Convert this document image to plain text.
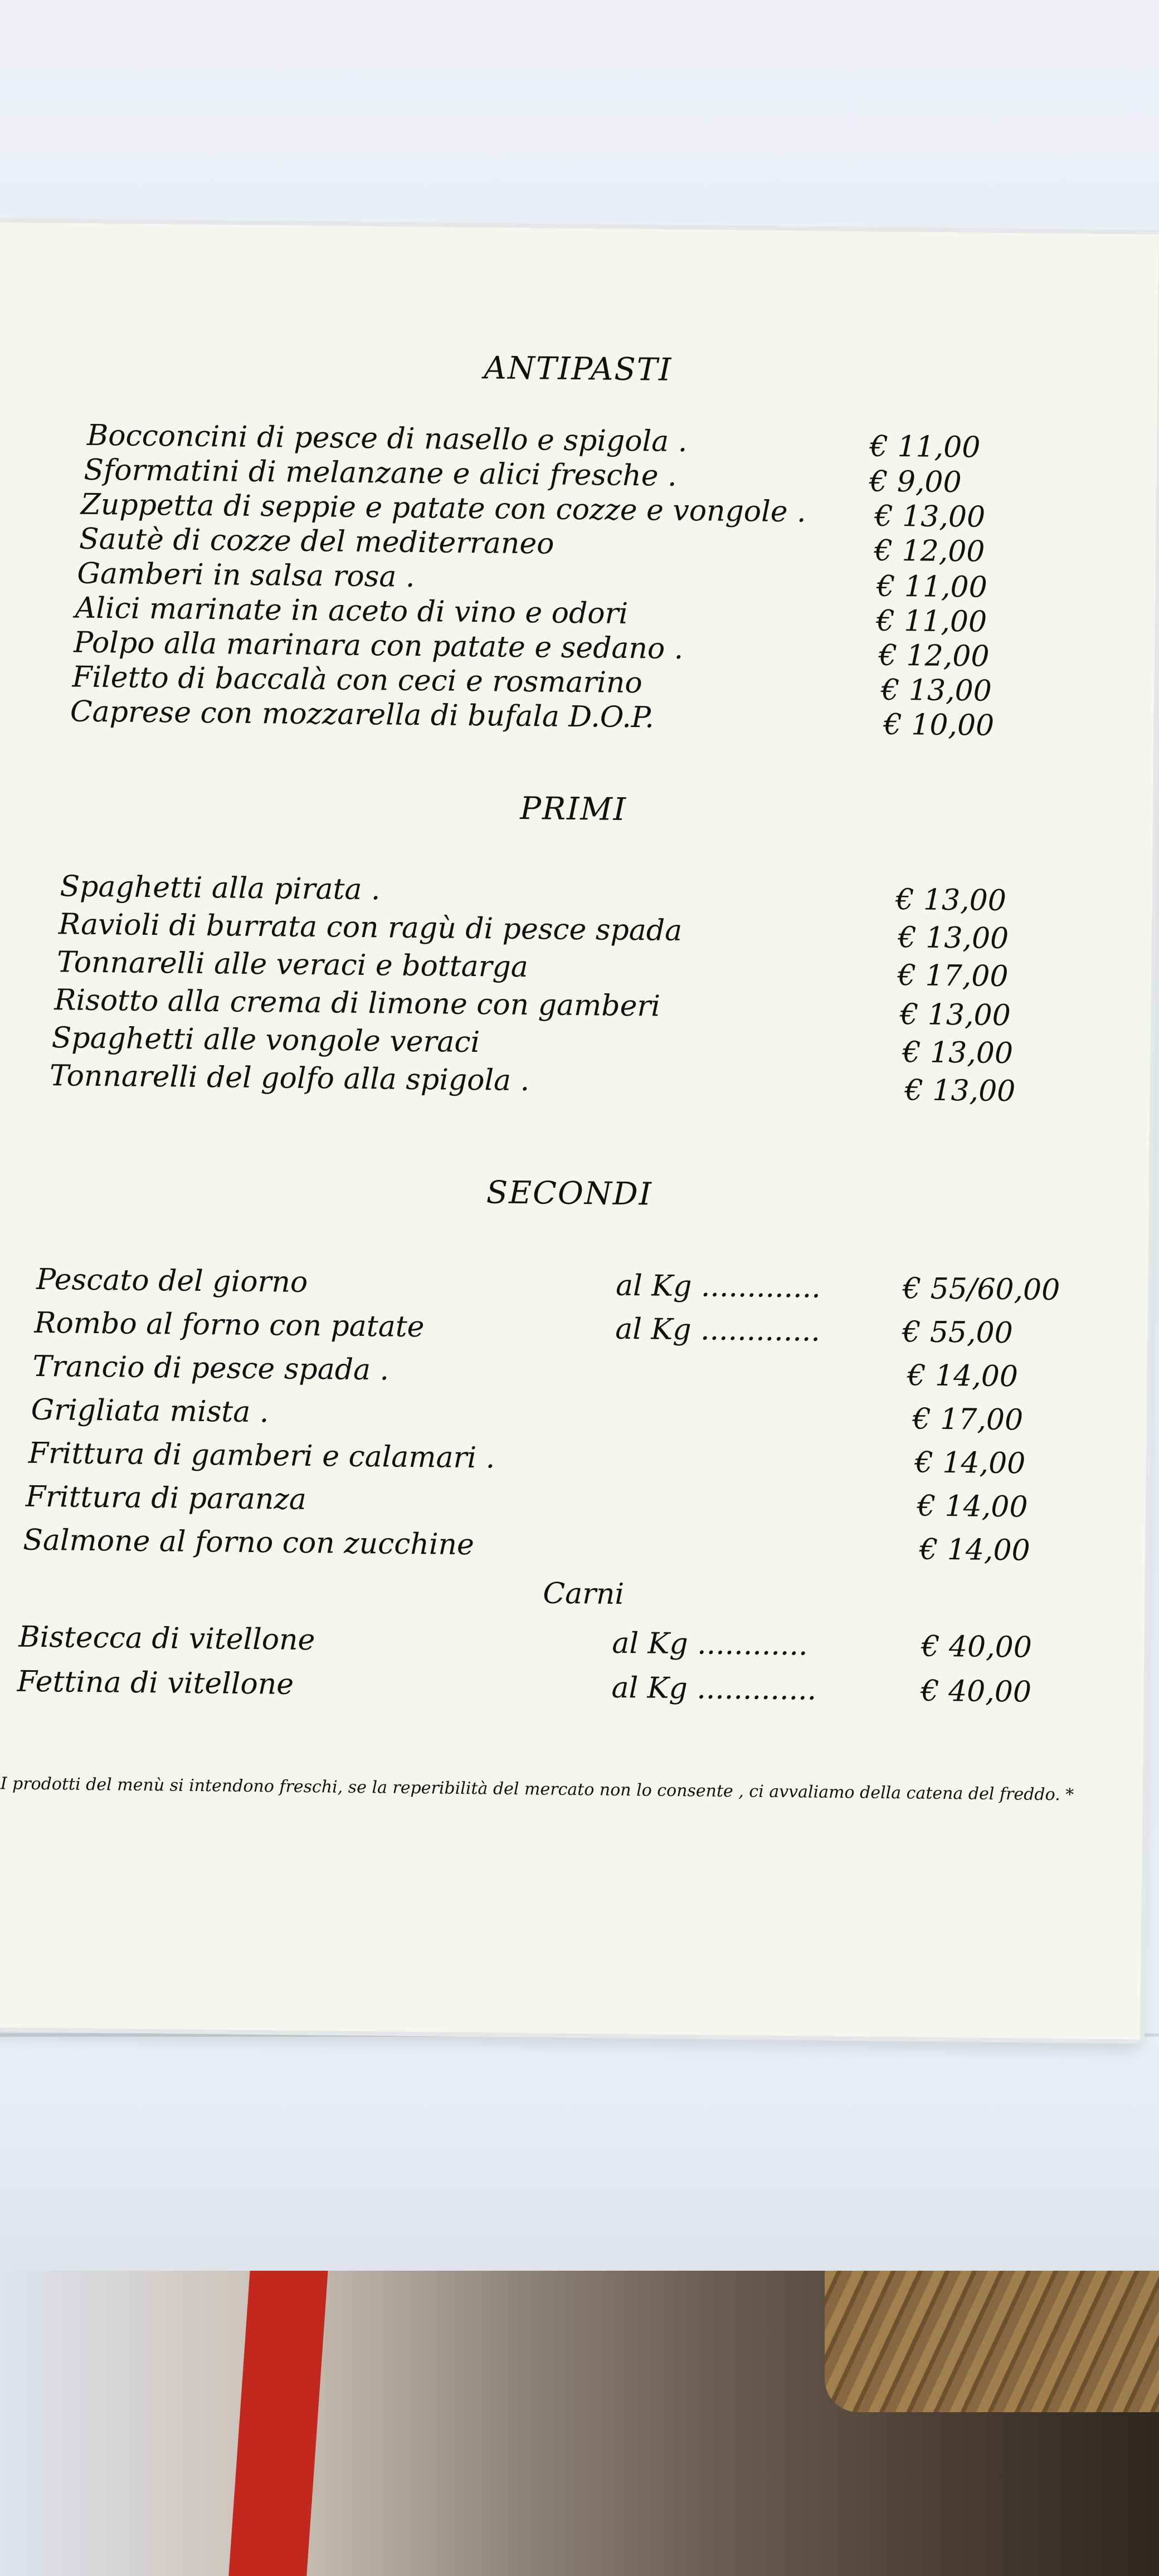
ANTIPASTI
Bocconcini di pesce di nasello e spigola .	€ 11,00
Sformatini di melanzane e alici fresche .	€ 9,00
Zuppetta di seppie e patate con cozze e vongole . € 13,00
Sautè di cozze del mediterraneo	€ 12,00
Gamberi in salsa rosa .	€ 11,00
Alici marinate in aceto di vino e odori	€ 11,00
Polpo alla marinara con patate e sedano .	€ 12,00
Filetto di baccalà con ceci e rosmarino	€ 13,00
Caprese con mozzarella di bufala D.O.P.	€ 10,00
PRIMI
Spaghetti alla pirata .	€ 13,00
Ravioli di burrata con ragù di pesce spada	€ 13,00
Tonnarelli alle veraci e bottarga	€ 17,00
Risotto alla crema di limone con gamberi	€ 13,00
Spaghetti alle vongole veraci	€ 13,00
Tonnarelli del golfo alla spigola .	€ 13,00
SECONDI
Pescato del giorno	al Kg .............	€ 55/60,00
Rombo al forno con patate	al Kg .............	€ 55,00
Trancio di pesce spada .	€ 14,00
Grigliata mista .	€ 17,00
Frittura di gamberi e calamari .	€ 14,00
Frittura di paranza	€ 14,00
Salmone al forno con zucchine	€ 14,00
Carni
Bistecca di vitellone	al Kg ............	€ 40,00
Fettina di vitellone	al Kg .............	€ 40,00
I prodotti del menù si intendono freschi, se la reperibilità del mercato non lo consente , ci avvaliamo della catena del freddo. *
